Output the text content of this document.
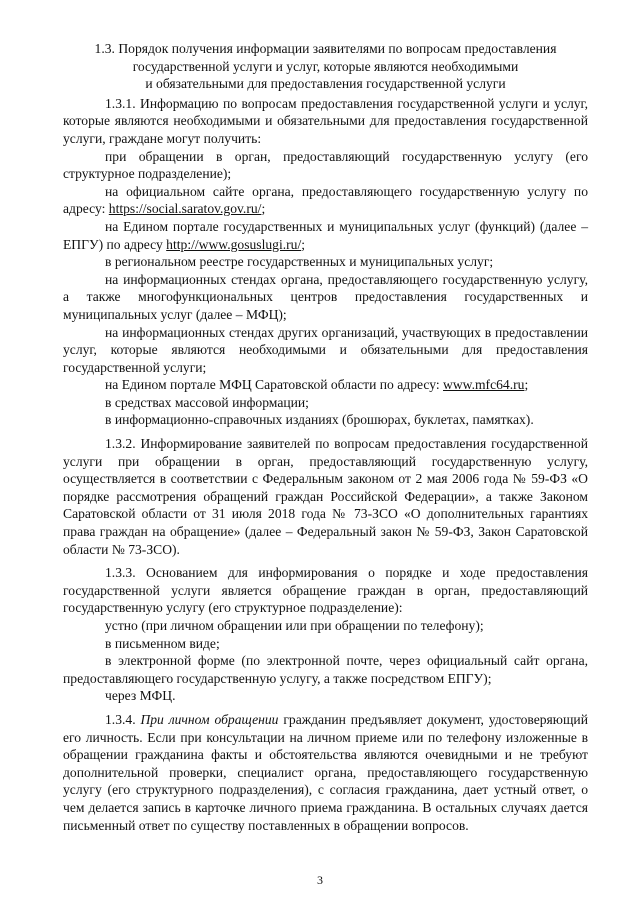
1.3. Порядок получения информации заявителями по вопросам предоставления
государственной услуги и услуг, которые являются необходимыми
и обязательными для предоставления государственной услуги

1.3.1. Информацию по вопросам предоставления государственной услуги и услуг, которые являются необходимыми и обязательными для предоставления государственной услуги, граждане могут получить:

при обращении в орган, предоставляющий государственную услугу (его структурное подразделение);

на официальном сайте органа, предоставляющего государственную услугу по адресу: https://social.saratov.gov.ru/;

на Едином портале государственных и муниципальных услуг (функций) (далее – ЕПГУ) по адресу http://www.gosuslugi.ru/;

в региональном реестре государственных и муниципальных услуг;

на информационных стендах органа, предоставляющего государственную услугу, а также многофункциональных центров предоставления государственных и муниципальных услуг (далее – МФЦ);

на информационных стендах других организаций, участвующих в предоставлении услуг, которые являются необходимыми и обязательными для предоставления государственной услуги;

на Едином портале МФЦ Саратовской области по адресу: www.mfc64.ru;

в средствах массовой информации;

в информационно-справочных изданиях (брошюрах, буклетах, памятках).

1.3.2. Информирование заявителей по вопросам предоставления государственной услуги при обращении в орган, предоставляющий государственную услугу, осуществляется в соответствии с Федеральным законом от 2 мая 2006 года № 59-ФЗ «О порядке рассмотрения обращений граждан Российской Федерации», а также Законом Саратовской области от 31 июля 2018 года № 73-ЗСО «О дополнительных гарантиях права граждан на обращение» (далее – Федеральный закон № 59-ФЗ, Закон Саратовской области № 73-ЗСО).

1.3.3. Основанием для информирования о порядке и ходе предоставления государственной услуги является обращение граждан в орган, предоставляющий государственную услугу (его структурное подразделение):

устно (при личном обращении или при обращении по телефону);

в письменном виде;

в электронной форме (по электронной почте, через официальный сайт органа, предоставляющего государственную услугу, а также посредством ЕПГУ);

через МФЦ.

1.3.4. При личном обращении гражданин предъявляет документ, удостоверяющий его личность. Если при консультации на личном приеме или по телефону изложенные в обращении гражданина факты и обстоятельства являются очевидными и не требуют дополнительной проверки, специалист органа, предоставляющего государственную услугу (его структурного подразделения), с согласия гражданина, дает устный ответ, о чем делается запись в карточке личного приема гражданина. В остальных случаях дается письменный ответ по существу поставленных в обращении вопросов.

3
